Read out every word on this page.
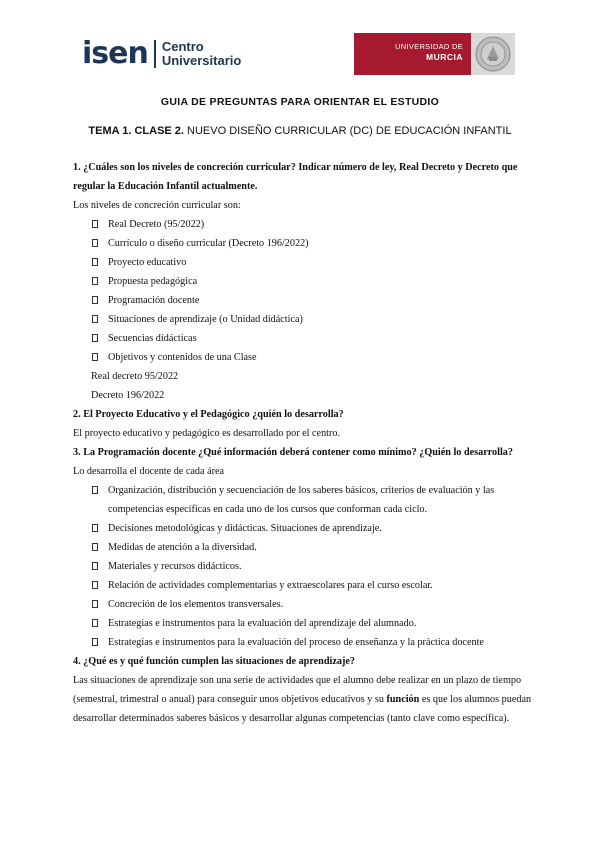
isen Centro
Universitario
UNIVERSIDAD DE
MURCIA
GUIA DE PREGUNTAS PARA ORIENTAR EL ESTUDIO
TEMA 1. CLASE 2. NUEVO DISEÑO CURRICULAR (DC) DE EDUCACIÓN INFANTIL
1. ¿Cuáles son los niveles de concreción curricular? Indicar número de ley, Real Decreto y Decreto que regular la Educación Infantil actualmente.
Los niveles de concreción curricular son:
Real Decreto (95/2022)
Currículo o diseño curricular (Decreto 196/2022)
Proyecto educativo
Propuesta pedagógica
Programación docente
Situaciones de aprendizaje (o Unidad didáctica)
Secuencias didácticas
Objetivos y contenidos de una Clase
Real decreto 95/2022
Decreto 196/2022
2. El Proyecto Educativo y el Pedagógico ¿quién lo desarrolla?
El proyecto educativo y pedagógico es desarrollado por el centro.
3. La Programación docente ¿Qué información deberá contener como mínimo? ¿Quién lo desarrolla?
Lo desarrolla el docente de cada área
Organización, distribución y secuenciación de los saberes básicos, criterios de evaluación y las competencias específicas en cada uno de los cursos que conforman cada ciclo.
Decisiones metodológicas y didácticas. Situaciones de aprendizaje.
Medidas de atención a la diversidad.
Materiales y recursos didácticos.
Relación de actividades complementarias y extraescolares para el curso escolar.
Concreción de los elementos transversales.
Estrategias e instrumentos para la evaluación del aprendizaje del alumnado.
Estrategias e instrumentos para la evaluación del proceso de enseñanza y la práctica docente
4. ¿Qué es y qué función cumplen las situaciones de aprendizaje?
Las situaciones de aprendizaje son una serie de actividades que el alumno debe realizar en un plazo de tiempo (semestral, trimestral o anual) para conseguir unos objetivos educativos y su función es que los alumnos puedan desarrollar determinados saberes básicos y desarrollar algunas competencias (tanto clave como específica).
